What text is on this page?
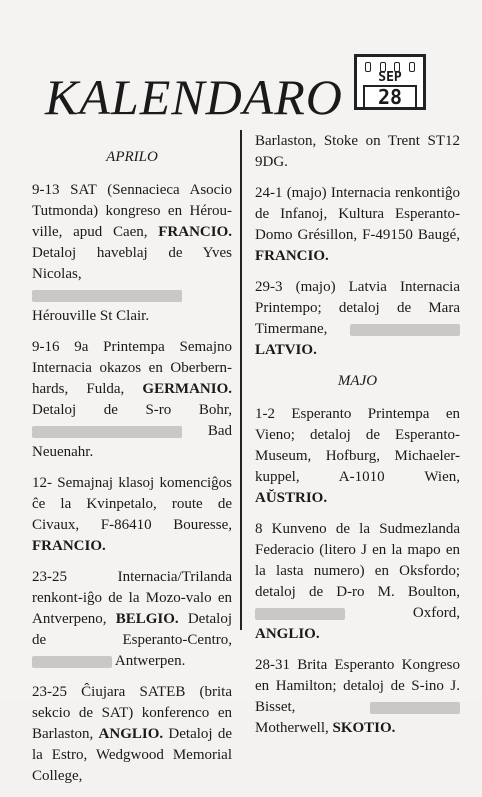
KALENDARO	SEP
28
APRILO

9-13 SAT (Sennacieca Asocio Tutmonda) kongreso en Hérou-ville, apud Caen, FRANCIO. Detaloj haveblaj de Yves Nicolas,  Hérouville St Clair.

9-16 9a Printempa Semajno Internacia okazos en Oberbern-hards, Fulda, GERMANIO. Detaloj de S-ro Bohr,  Bad Neuenahr.

12- Semajnaj klasoj komenciĝos ĉe la Kvinpetalo, route de Civaux, F-86410 Bouresse, FRANCIO.

23-25 Internacia/Trilanda renkont-iĝo de la Mozo-valo en Antverpeno, BELGIO. Detaloj de Esperanto-Centro,  Antwerpen.

23-25 Ĉiujara SATEB (brita sekcio de SAT) konferenco en Barlaston, ANGLIO. Detaloj de la Estro, Wedgwood Memorial College,

Barlaston, Stoke on Trent ST12 9DG.

24-1 (majo) Internacia renkontiĝo de Infanoj, Kultura Esperanto-Domo Grésillon, F-49150 Baugé, FRANCIO.

29-3 (majo) Latvia Internacia Printempo; detaloj de Mara Timermane,  LATVIO.

MAJO

1-2 Esperanto Printempa en Vieno; detaloj de Esperanto-Museum, Hofburg, Michaeler-kuppel, A-1010 Wien, AŬSTRIO.

8 Kunveno de la Sudmezlanda Federacio (litero J en la mapo en la lasta numero) en Oksfordo; detaloj de D-ro M. Boulton,  Oxford, ANGLIO.

28-31 Brita Esperanto Kongreso en Hamilton; detaloj de S-ino J. Bisset,  Motherwell, SKOTIO.
